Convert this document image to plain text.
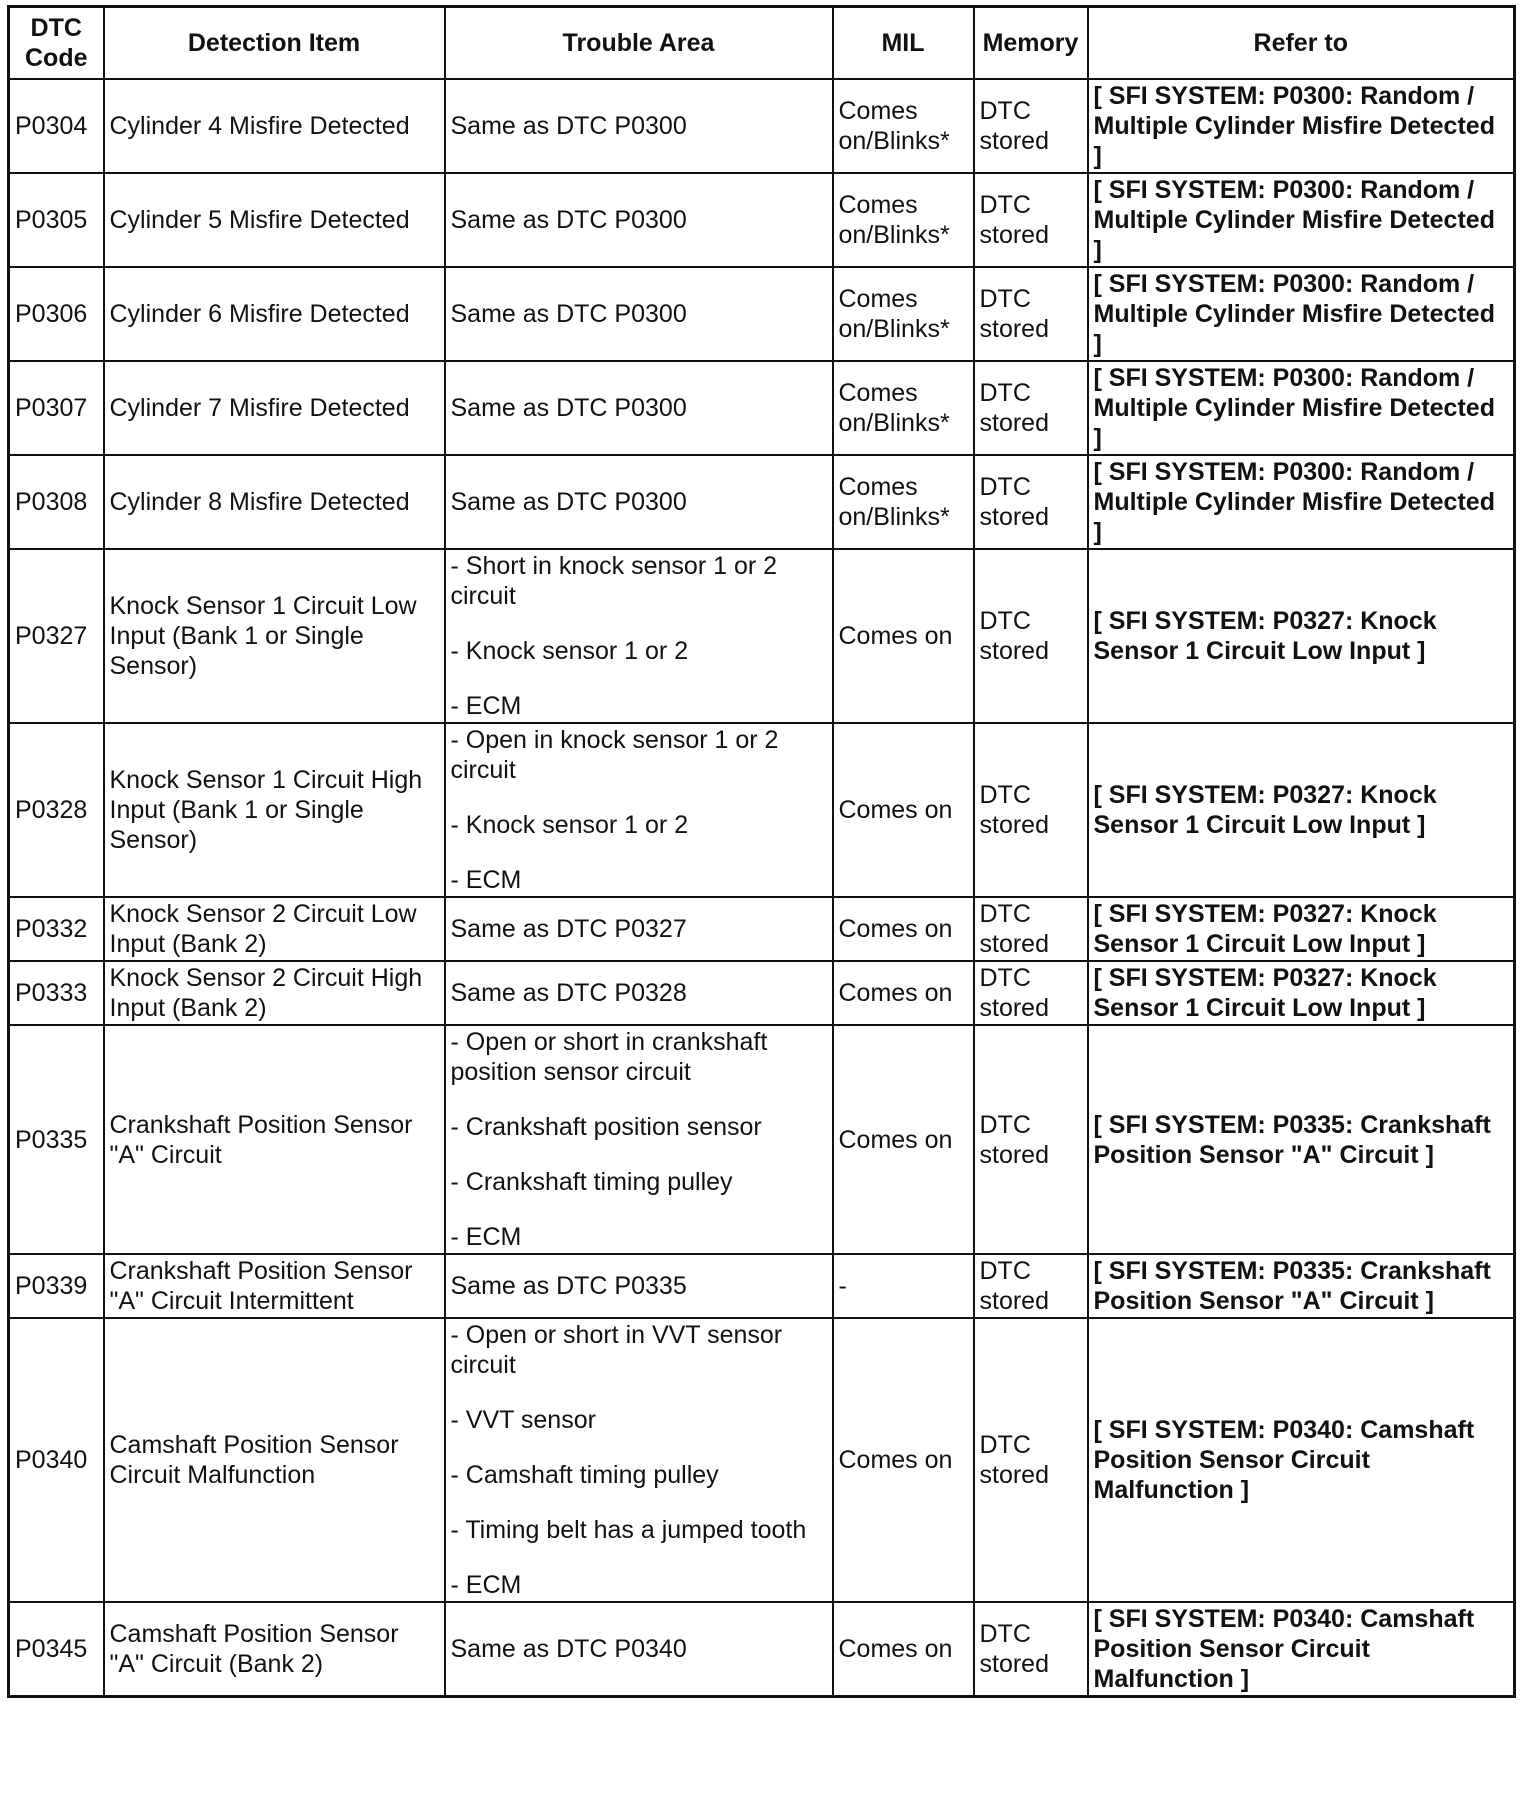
DTC Code	Detection Item	Trouble Area	MIL	Memory	Refer to
P0304	Cylinder 4 Misfire Detected	Same as DTC P0300	Comes on/Blinks*	DTC stored	[ SFI SYSTEM: P0300: Random / Multiple Cylinder Misfire Detected ]
P0305	Cylinder 5 Misfire Detected	Same as DTC P0300	Comes on/Blinks*	DTC stored	[ SFI SYSTEM: P0300: Random / Multiple Cylinder Misfire Detected ]
P0306	Cylinder 6 Misfire Detected	Same as DTC P0300	Comes on/Blinks*	DTC stored	[ SFI SYSTEM: P0300: Random / Multiple Cylinder Misfire Detected ]
P0307	Cylinder 7 Misfire Detected	Same as DTC P0300	Comes on/Blinks*	DTC stored	[ SFI SYSTEM: P0300: Random / Multiple Cylinder Misfire Detected ]
P0308	Cylinder 8 Misfire Detected	Same as DTC P0300	Comes on/Blinks*	DTC stored	[ SFI SYSTEM: P0300: Random / Multiple Cylinder Misfire Detected ]
P0327	Knock Sensor 1 Circuit Low Input (Bank 1 or Single Sensor)	- Short in knock sensor 1 or 2 circuit
- Knock sensor 1 or 2
- ECM	Comes on	DTC stored	[ SFI SYSTEM: P0327: Knock Sensor 1 Circuit Low Input ]
P0328	Knock Sensor 1 Circuit High Input (Bank 1 or Single Sensor)	- Open in knock sensor 1 or 2 circuit
- Knock sensor 1 or 2
- ECM	Comes on	DTC stored	[ SFI SYSTEM: P0327: Knock Sensor 1 Circuit Low Input ]
P0332	Knock Sensor 2 Circuit Low Input (Bank 2)	Same as DTC P0327	Comes on	DTC stored	[ SFI SYSTEM: P0327: Knock Sensor 1 Circuit Low Input ]
P0333	Knock Sensor 2 Circuit High Input (Bank 2)	Same as DTC P0328	Comes on	DTC stored	[ SFI SYSTEM: P0327: Knock Sensor 1 Circuit Low Input ]
P0335	Crankshaft Position Sensor "A" Circuit	- Open or short in crankshaft position sensor circuit
- Crankshaft position sensor
- Crankshaft timing pulley
- ECM	Comes on	DTC stored	[ SFI SYSTEM: P0335: Crankshaft Position Sensor "A" Circuit ]
P0339	Crankshaft Position Sensor "A" Circuit Intermittent	Same as DTC P0335	-	DTC stored	[ SFI SYSTEM: P0335: Crankshaft Position Sensor "A" Circuit ]
P0340	Camshaft Position Sensor Circuit Malfunction	- Open or short in VVT sensor circuit
- VVT sensor
- Camshaft timing pulley
- Timing belt has a jumped tooth
- ECM	Comes on	DTC stored	[ SFI SYSTEM: P0340: Camshaft Position Sensor Circuit Malfunction ]
P0345	Camshaft Position Sensor "A" Circuit (Bank 2)	Same as DTC P0340	Comes on	DTC stored	[ SFI SYSTEM: P0340: Camshaft Position Sensor Circuit Malfunction ]
